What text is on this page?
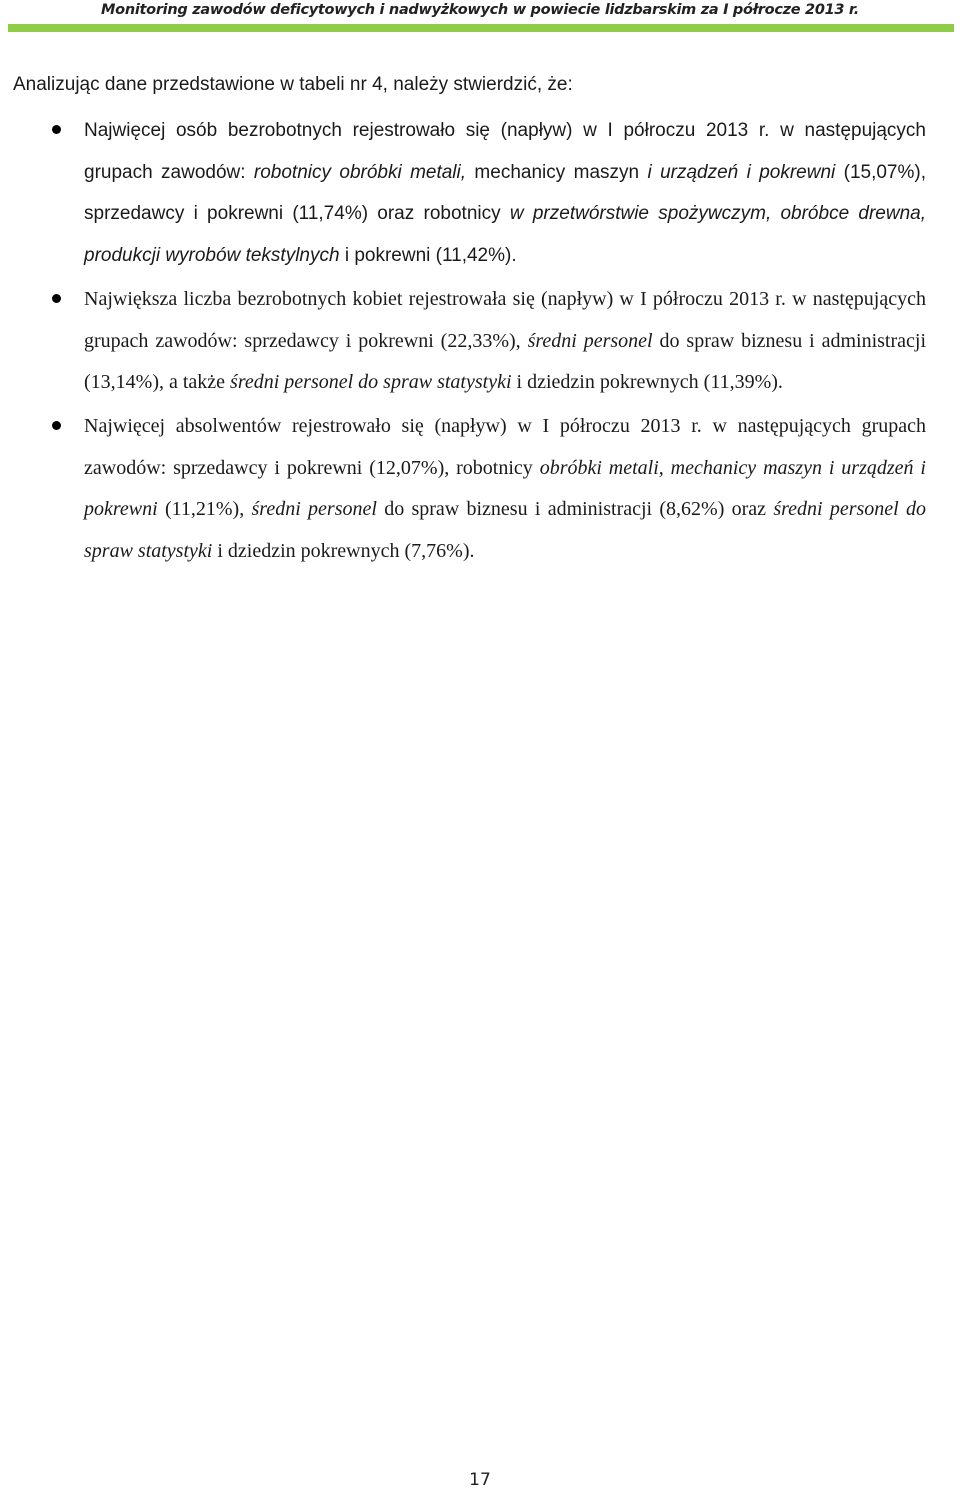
Monitoring zawodów deficytowych i nadwyżkowych w powiecie lidzbarskim za I półrocze 2013 r.

Analizując dane przedstawione w tabeli nr 4, należy stwierdzić, że:

Najwięcej osób bezrobotnych rejestrowało się (napływ) w I półroczu 2013 r. w następujących grupach zawodów: robotnicy obróbki metali, mechanicy maszyn i urządzeń i pokrewni (15,07%), sprzedawcy i pokrewni (11,74%) oraz robotnicy w przetwórstwie spożywczym, obróbce drewna, produkcji wyrobów tekstylnych i pokrewni (11,42%).
Największa liczba bezrobotnych kobiet rejestrowała się (napływ) w I półroczu 2013 r. w następujących grupach zawodów: sprzedawcy i pokrewni (22,33%), średni personel do spraw biznesu i administracji (13,14%), a także średni personel do spraw statystyki i dziedzin pokrewnych (11,39%).
Najwięcej absolwentów rejestrowało się (napływ) w I półroczu 2013 r. w następujących grupach zawodów: sprzedawcy i pokrewni (12,07%), robotnicy obróbki metali, mechanicy maszyn i urządzeń i pokrewni (11,21%), średni personel do spraw biznesu i administracji (8,62%) oraz średni personel do spraw statystyki i dziedzin pokrewnych (7,76%).
17
